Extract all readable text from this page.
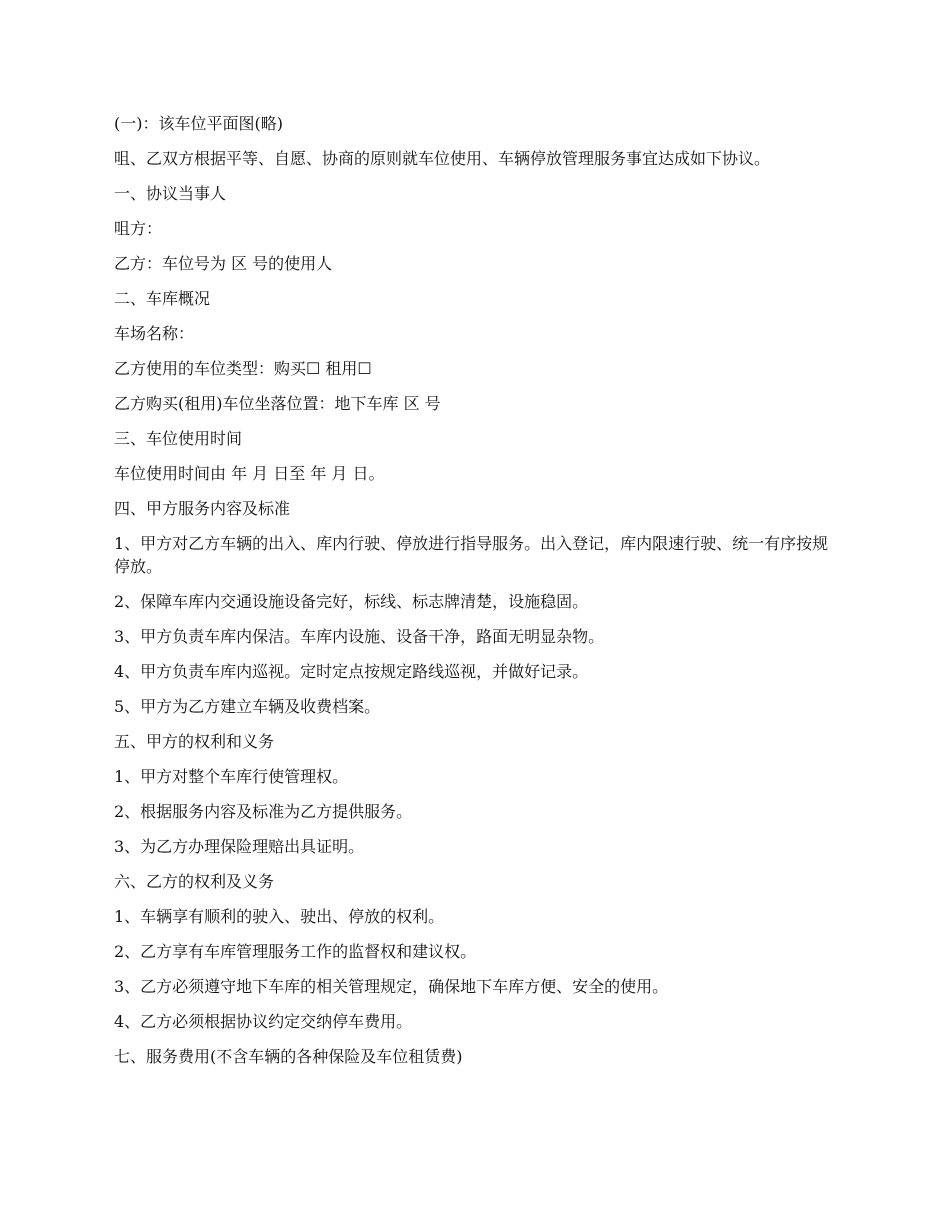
(一)：该车位平面图(略)

咀、乙双方根据平等、自愿、协商的原则就车位使用、车辆停放管理服务事宜达成如下协议。

一、协议当事人

咀方：

乙方：车位号为 区 号的使用人

二、车库概况

车场名称：

乙方使用的车位类型：购买☐ 租用☐

乙方购买(租用)车位坐落位置：地下车库 区 号

三、车位使用时间

车位使用时间由 年 月 日至 年 月 日。

四、甲方服务内容及标准

1、甲方对乙方车辆的出入、库内行驶、停放进行指导服务。出入登记，库内限速行驶、统一有序按规停放。

2、保障车库内交通设施设备完好，标线、标志牌清楚，设施稳固。

3、甲方负责车库内保洁。车库内设施、设备干净，路面无明显杂物。

4、甲方负责车库内巡视。定时定点按规定路线巡视，并做好记录。

5、甲方为乙方建立车辆及收费档案。

五、甲方的权利和义务

1、甲方对整个车库行使管理权。

2、根据服务内容及标准为乙方提供服务。

3、为乙方办理保险理赔出具证明。

六、乙方的权利及义务

1、车辆享有顺利的驶入、驶出、停放的权利。

2、乙方享有车库管理服务工作的监督权和建议权。

3、乙方必须遵守地下车库的相关管理规定，确保地下车库方便、安全的使用。

4、乙方必须根据协议约定交纳停车费用。

七、服务费用(不含车辆的各种保险及车位租赁费)
